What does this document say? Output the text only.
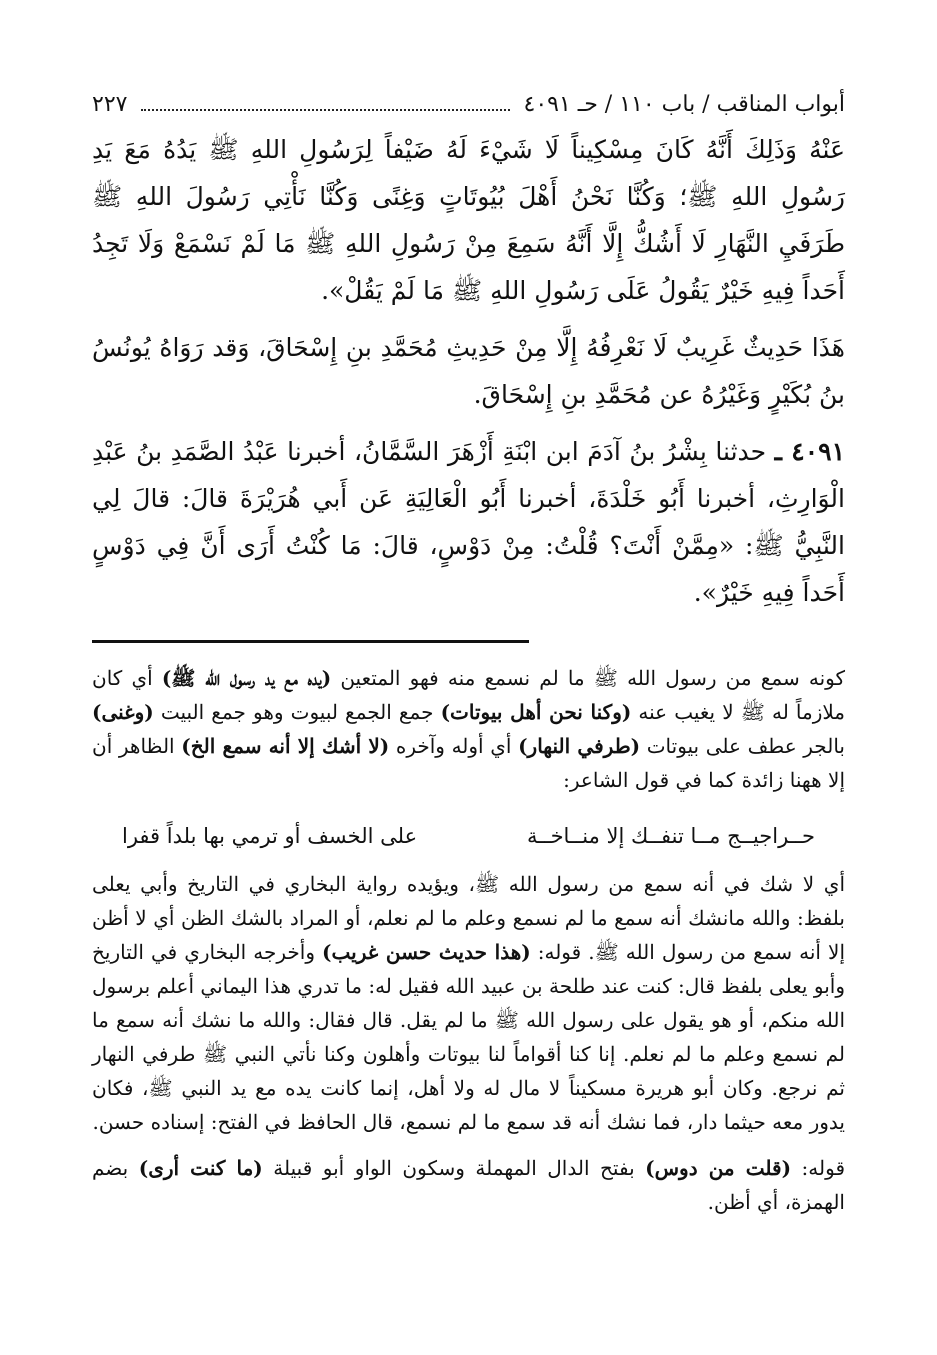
أبواب المناقب / باب ١١٠ / حـ ٤٠٩١
٢٢٧

عَنْهُ وَذَلِكَ أَنَّهُ كَانَ مِسْكِيناً لَا شَيْءَ لَهُ ضَيْفاً لِرَسُولِ اللهِ ﷺ يَدُهُ مَعَ يَدِ رَسُولِ اللهِ ﷺ؛ وَكُنَّا نَحْنُ أَهْلَ بُيُوتَاتٍ وَغِنًى وَكُنَّا نَأْتِي رَسُولَ اللهِ ﷺ طَرَفَيِ النَّهَارِ لَا أَشُكُّ إِلَّا أَنَّهُ سَمِعَ مِنْ رَسُولِ اللهِ ﷺ مَا لَمْ نَسْمَعْ وَلَا تَجِدُ أَحَداً فِيهِ خَيْرٌ يَقُولُ عَلَى رَسُولِ اللهِ ﷺ مَا لَمْ يَقُلْ».

هَذَا حَدِيثٌ غَرِيبٌ لَا نَعْرِفُهُ إِلَّا مِنْ حَدِيثِ مُحَمَّدِ بنِ إِسْحَاقَ، وَقد رَوَاهُ يُونُسُ بنُ بُكَيْرٍ وَغَيْرُهُ عن مُحَمَّدِ بنِ إِسْحَاقَ.

٤٠٩١ ـ حدثنا بِشْرُ بنُ آدَمَ ابن ابْنَةِ أَزْهَرَ السَّمَّانُ، أخبرنا عَبْدُ الصَّمَدِ بنُ عَبْدِ الْوَارِثِ، أخبرنا أَبُو خَلْدَةَ، أخبرنا أَبُو الْعَالِيَةِ عَن أَبي هُرَيْرَةَ قالَ: قالَ لِي النَّبِيُّ ﷺ: «مِمَّنْ أَنْتَ؟ قُلْتُ: مِنْ دَوْسٍ، قالَ: مَا كُنْتُ أَرَى أَنَّ فِي دَوْسٍ أَحَداً فِيهِ خَيْرٌ».

كونه سمع من رسول الله ﷺ ما لم نسمع منه فهو المتعين (يده مع يد رسول الله ﷺ) أي كان ملازماً له ﷺ لا يغيب عنه (وكنا نحن أهل بيوتات) جمع الجمع لبيوت وهو جمع البيت (وغنى) بالجر عطف على بيوتات (طرفي النهار) أي أوله وآخره (لا أشك إلا أنه سمع الخ) الظاهر أن إلا ههنا زائدة كما في قول الشاعر:

حــراجيــج مــا تنفــك إلا منــاخــة
على الخسف أو ترمي بها بلداً قفرا

أي لا شك في أنه سمع من رسول الله ﷺ، ويؤيده رواية البخاري في التاريخ وأبي يعلى بلفظ: والله مانشك أنه سمع ما لم نسمع وعلم ما لم نعلم، أو المراد بالشك الظن أي لا أظن إلا أنه سمع من رسول الله ﷺ. قوله: (هذا حديث حسن غريب) وأخرجه البخاري في التاريخ وأبو يعلى بلفظ قال: كنت عند طلحة بن عبيد الله فقيل له: ما تدري هذا اليماني أعلم برسول الله منكم، أو هو يقول على رسول الله ﷺ ما لم يقل. قال فقال: والله ما نشك أنه سمع ما لم نسمع وعلم ما لم نعلم. إنا كنا أقواماً لنا بيوتات وأهلون وكنا نأتي النبي ﷺ طرفي النهار ثم نرجع. وكان أبو هريرة مسكيناً لا مال له ولا أهل، إنما كانت يده مع يد النبي ﷺ، فكان يدور معه حيثما دار، فما نشك أنه قد سمع ما لم نسمع، قال الحافظ في الفتح: إسناده حسن.

قوله: (قلت من دوس) بفتح الدال المهملة وسكون الواو أبو قبيلة (ما كنت أرى) بضم الهمزة، أي أظن.
